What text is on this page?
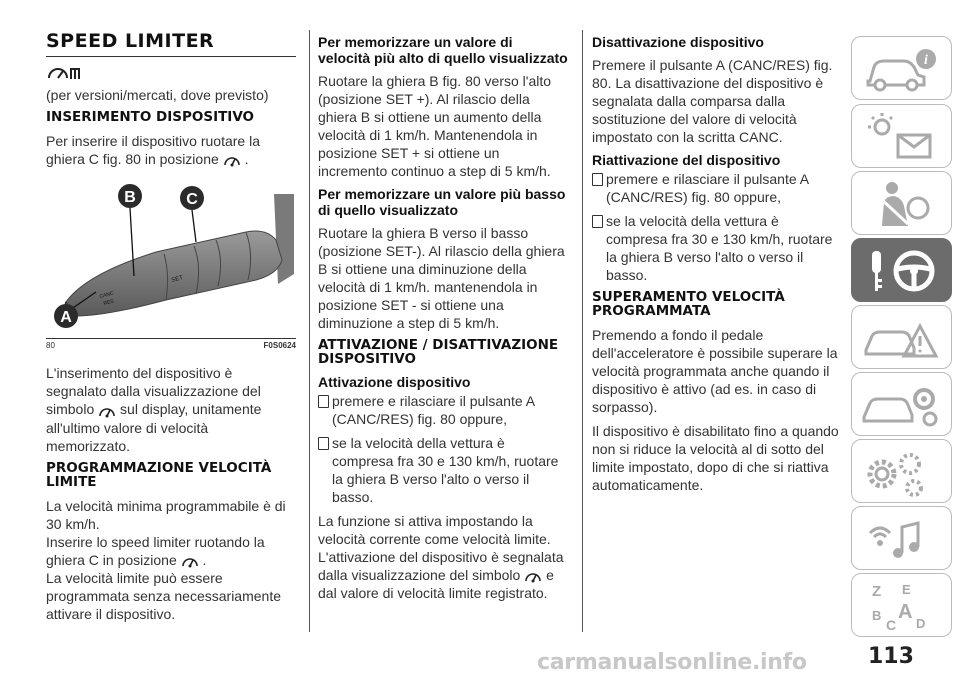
SPEED LIMITER

(per versioni/mercati, dove previsto)

INSERIMENTO DISPOSITIVO

Per inserire il dispositivo ruotare la ghiera C fig. 80 in posizione .

SET
CANC
RES
B	C
A
80	F0S0624

L'inserimento del dispositivo è segnalato dalla visualizzazione del simbolo sul display, unitamente all'ultimo valore di velocità memorizzato.

PROGRAMMAZIONE VELOCITÀ LIMITE

La velocità minima programmabile è di 30 km/h.

Inserire lo speed limiter ruotando la ghiera C in posizione .

La velocità limite può essere programmata senza necessariamente attivare il dispositivo.

Per memorizzare un valore di velocità più alto di quello visualizzato

Ruotare la ghiera B fig. 80 verso l'alto (posizione SET +). Al rilascio della ghiera B si ottiene un aumento della velocità di 1 km/h. Mantenendola in posizione SET + si ottiene un incremento continuo a step di 5 km/h.

Per memorizzare un valore più basso di quello visualizzato

Ruotare la ghiera B verso il basso (posizione SET-). Al rilascio della ghiera B si ottiene una diminuzione della velocità di 1 km/h. mantenendola in posizione SET - si ottiene una diminuzione a step di 5 km/h.

ATTIVAZIONE / DISATTIVAZIONE DISPOSITIVO
Attivazione dispositivo

premere e rilasciare il pulsante A (CANC/RES) fig. 80 oppure,

se la velocità della vettura è compresa fra 30 e 130 km/h, ruotare la ghiera B verso l'alto o verso il basso.

La funzione si attiva impostando la velocità corrente come velocità limite. L'attivazione del dispositivo è segnalata dalla visualizzazione del simbolo e dal valore di velocità limite registrato.

Disattivazione dispositivo

Premere il pulsante A (CANC/RES) fig. 80. La disattivazione del dispositivo è segnalata dalla comparsa dalla sostituzione del valore di velocità impostato con la scritta CANC.

Riattivazione del dispositivo

premere e rilasciare il pulsante A (CANC/RES) fig. 80 oppure,

se la velocità della vettura è compresa fra 30 e 130 km/h, ruotare la ghiera B verso l'alto o verso il basso.

SUPERAMENTO VELOCITÀ PROGRAMMATA

Premendo a fondo il pedale dell'acceleratore è possibile superare la velocità programmata anche quando il dispositivo è attivo (ad es. in caso di sorpasso).

Il dispositivo è disabilitato fino a quando non si riduce la velocità al di sotto del limite impostato, dopo di che si riattiva automaticamente.

i
Z E
B A
C D
carmanualsonline.info	113
